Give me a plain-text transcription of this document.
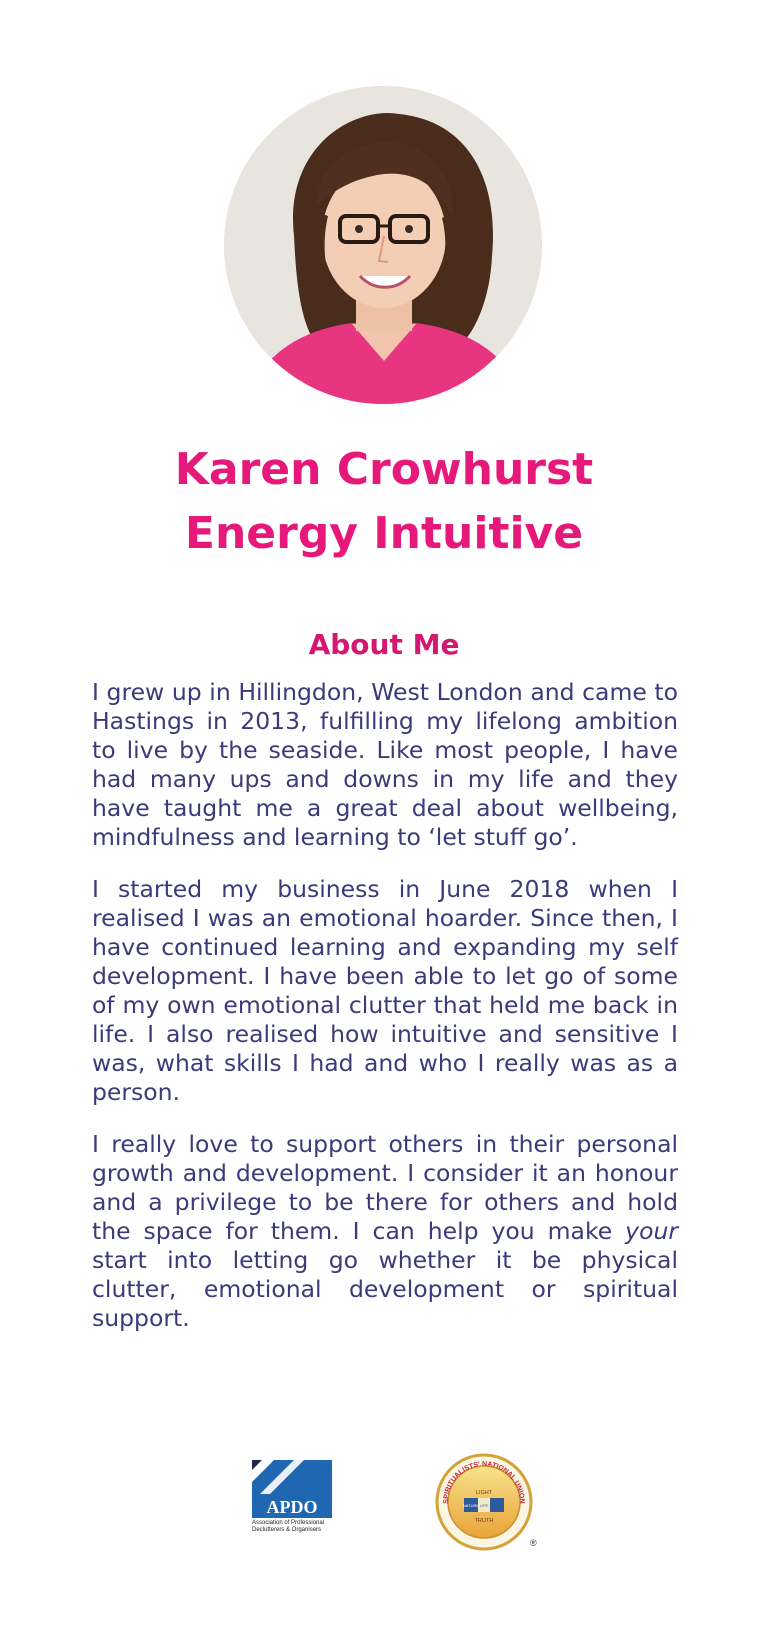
Karen Crowhurst
Energy Intuitive
About Me

I grew up in Hillingdon, West London and came to Hastings in 2013, fulfilling my lifelong ambition to live by the seaside. Like most people, I have had many ups and downs in my life and they have taught me a great deal about wellbeing, mindfulness and learning to ‘let stuff go’.

I started my business in June 2018 when I realised I was an emotional hoarder. Since then, I have continued learning and expanding my self development. I have been able to let go of some of my own emotional clutter that held me back in life. I also realised how intuitive and sensitive I was, what skills I had and who I really was as a person.

I really love to support others in their personal growth and development. I consider it an honour and a privilege to be there for others and hold the space for them. I can help you make your start into letting go whether it be physical clutter, emotional development or spiritual support.

APDO
Association of Professional
Declutterers & Organisers
SPIRITUALISTS' NATIONAL UNION
LIGHT
NATURE LIFE
TRUTH
®
